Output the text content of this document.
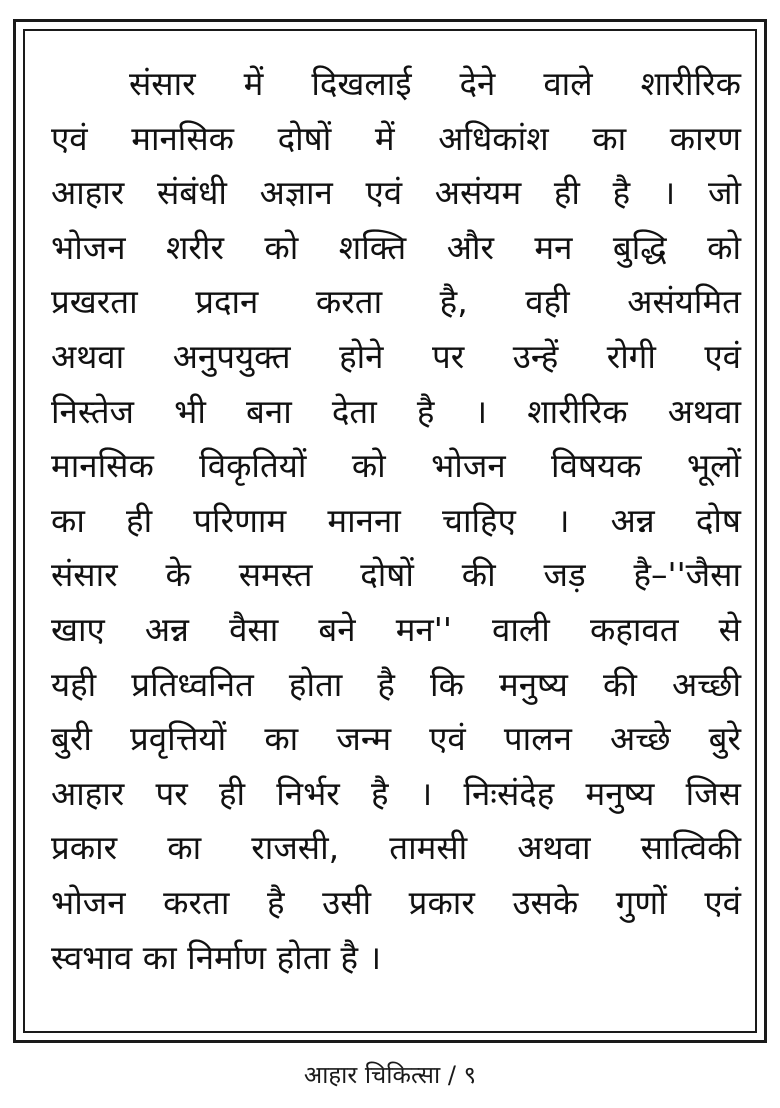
संसार में दिखलाई देने वाले शारीरिक
एवं मानसिक दोषों में अधिकांश का कारण
आहार संबंधी अज्ञान एवं असंयम ही है । जो
भोजन शरीर को शक्ति और मन बुद्धि को
प्रखरता प्रदान करता है, वही असंयमित
अथवा अनुपयुक्त होने पर उन्हें रोगी एवं
निस्तेज भी बना देता है । शारीरिक अथवा
मानसिक विकृतियों को भोजन विषयक भूलों
का ही परिणाम मानना चाहिए । अन्न दोष
संसार के समस्त दोषों की जड़ है–''जैसा
खाए अन्न वैसा बने मन'' वाली कहावत से
यही प्रतिध्वनित होता है कि मनुष्य की अच्छी
बुरी प्रवृत्तियों का जन्म एवं पालन अच्छे बुरे
आहार पर ही निर्भर है । निःसंदेह मनुष्य जिस
प्रकार का राजसी, तामसी अथवा सात्विकी
भोजन करता है उसी प्रकार उसके गुणों एवं
स्वभाव का निर्माण होता है ।
आहार चिकित्सा / ९
